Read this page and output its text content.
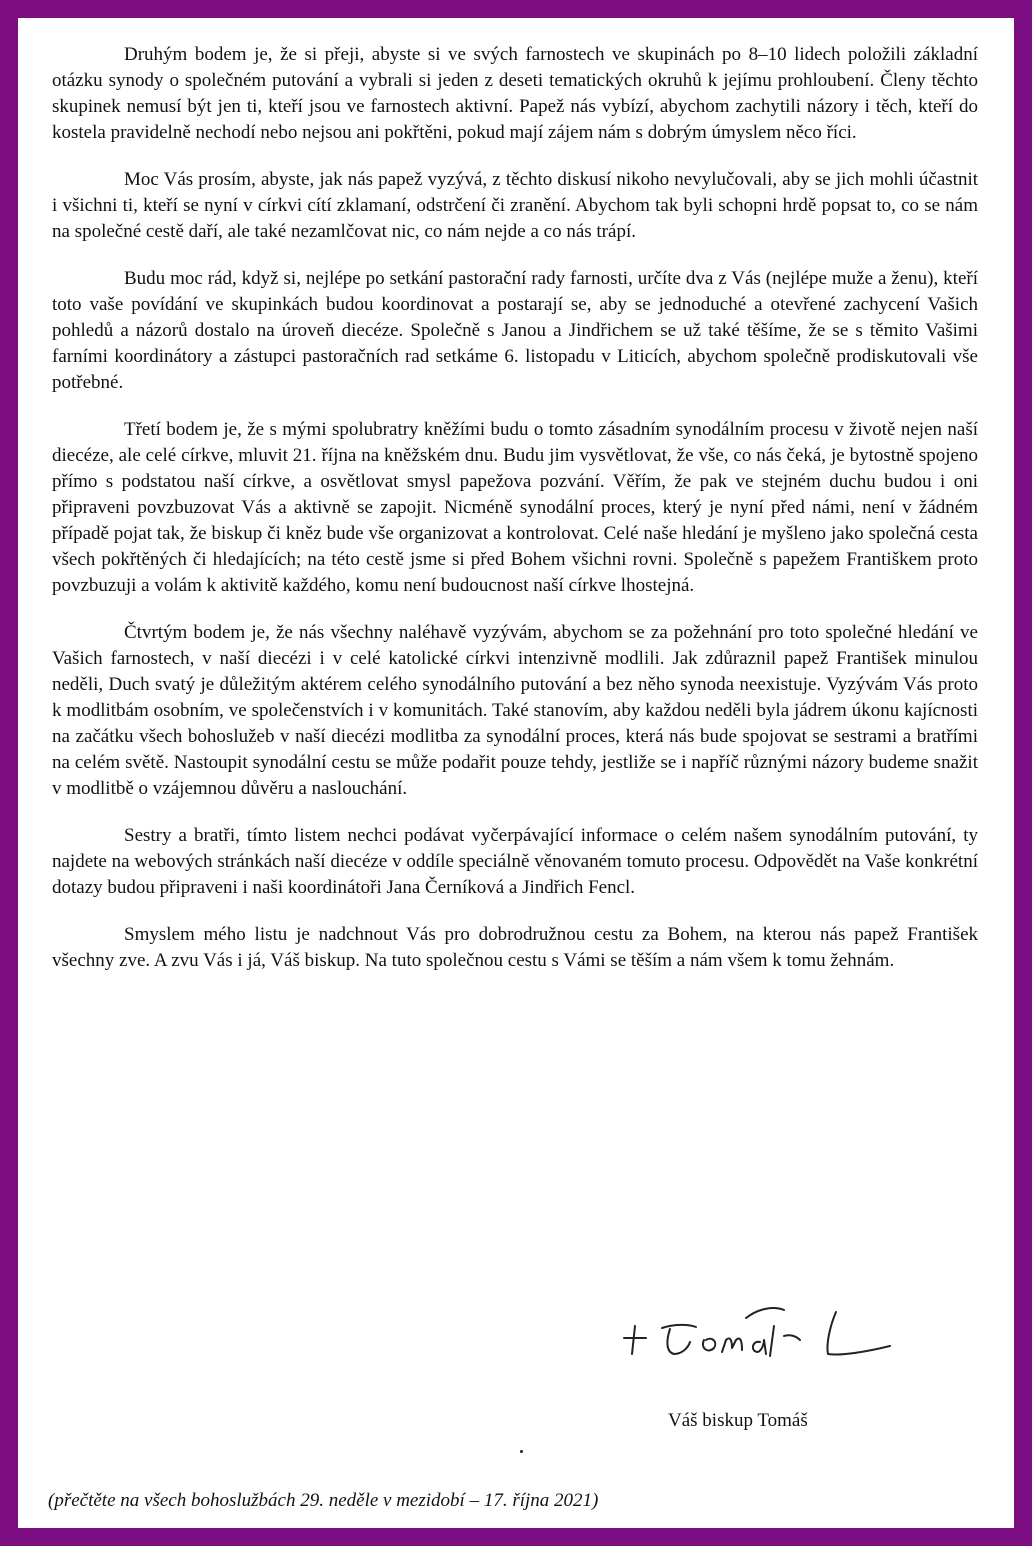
Druhým bodem je, že si přeji, abyste si ve svých farnostech ve skupinách po 8–10 lidech položili základní otázku synody o společném putování a vybrali si jeden z deseti tematických okruhů k jejímu prohloubení. Členy těchto skupinek nemusí být jen ti, kteří jsou ve farnostech aktivní. Papež nás vybízí, abychom zachytili názory i těch, kteří do kostela pravidelně nechodí nebo nejsou ani pokřtěni, pokud mají zájem nám s dobrým úmyslem něco říci.

Moc Vás prosím, abyste, jak nás papež vyzývá, z těchto diskusí nikoho nevylučovali, aby se jich mohli účastnit i všichni ti, kteří se nyní v církvi cítí zklamaní, odstrčení či zranění. Abychom tak byli schopni hrdě popsat to, co se nám na společné cestě daří, ale také nezamlčovat nic, co nám nejde a co nás trápí.

Budu moc rád, když si, nejlépe po setkání pastorační rady farnosti, určíte dva z Vás (nejlépe muže a ženu), kteří toto vaše povídání ve skupinkách budou koordinovat a postarají se, aby se jednoduché a otevřené zachycení Vašich pohledů a názorů dostalo na úroveň diecéze. Společně s Janou a Jindřichem se už také těšíme, že se s těmito Vašimi farními koordinátory a zástupci pastoračních rad setkáme 6. listopadu v Liticích, abychom společně prodiskutovali vše potřebné.

Třetí bodem je, že s mými spolubratry kněžími budu o tomto zásadním synodálním procesu v životě nejen naší diecéze, ale celé církve, mluvit 21. října na kněžském dnu. Budu jim vysvětlovat, že vše, co nás čeká, je bytostně spojeno přímo s podstatou naší církve, a osvětlovat smysl papežova pozvání. Věřím, že pak ve stejném duchu budou i oni připraveni povzbuzovat Vás a aktivně se zapojit. Nicméně synodální proces, který je nyní před námi, není v žádném případě pojat tak, že biskup či kněz bude vše organizovat a kontrolovat. Celé naše hledání je myšleno jako společná cesta všech pokřtěných či hledajících; na této cestě jsme si před Bohem všichni rovni. Společně s papežem Františkem proto povzbuzuji a volám k aktivitě každého, komu není budoucnost naší církve lhostejná.

Čtvrtým bodem je, že nás všechny naléhavě vyzývám, abychom se za požehnání pro toto společné hledání ve Vašich farnostech, v naší diecézi i v celé katolické církvi intenzivně modlili. Jak zdůraznil papež František minulou neděli, Duch svatý je důležitým aktérem celého synodálního putování a bez něho synoda neexistuje. Vyzývám Vás proto k modlitbám osobním, ve společenstvích i v komunitách. Také stanovím, aby každou neděli byla jádrem úkonu kajícnosti na začátku všech bohoslužeb v naší diecézi modlitba za synodální proces, která nás bude spojovat se sestrami a bratřími na celém světě. Nastoupit synodální cestu se může podařit pouze tehdy, jestliže se i napříč různými názory budeme snažit v modlitbě o vzájemnou důvěru a naslouchání.

Sestry a bratři, tímto listem nechci podávat vyčerpávající informace o celém našem synodálním putování, ty najdete na webových stránkách naší diecéze v oddíle speciálně věnovaném tomuto procesu. Odpovědět na Vaše konkrétní dotazy budou připraveni i naši koordinátoři Jana Černíková a Jindřich Fencl.

Smyslem mého listu je nadchnout Vás pro dobrodružnou cestu za Bohem, na kterou nás papež František všechny zve. A zvu Vás i já, Váš biskup. Na tuto společnou cestu s Vámi se těším a nám všem k tomu žehnám.

Váš biskup Tomáš
(přečtěte na všech bohoslužbách 29. neděle v mezidobí – 17. října 2021)
